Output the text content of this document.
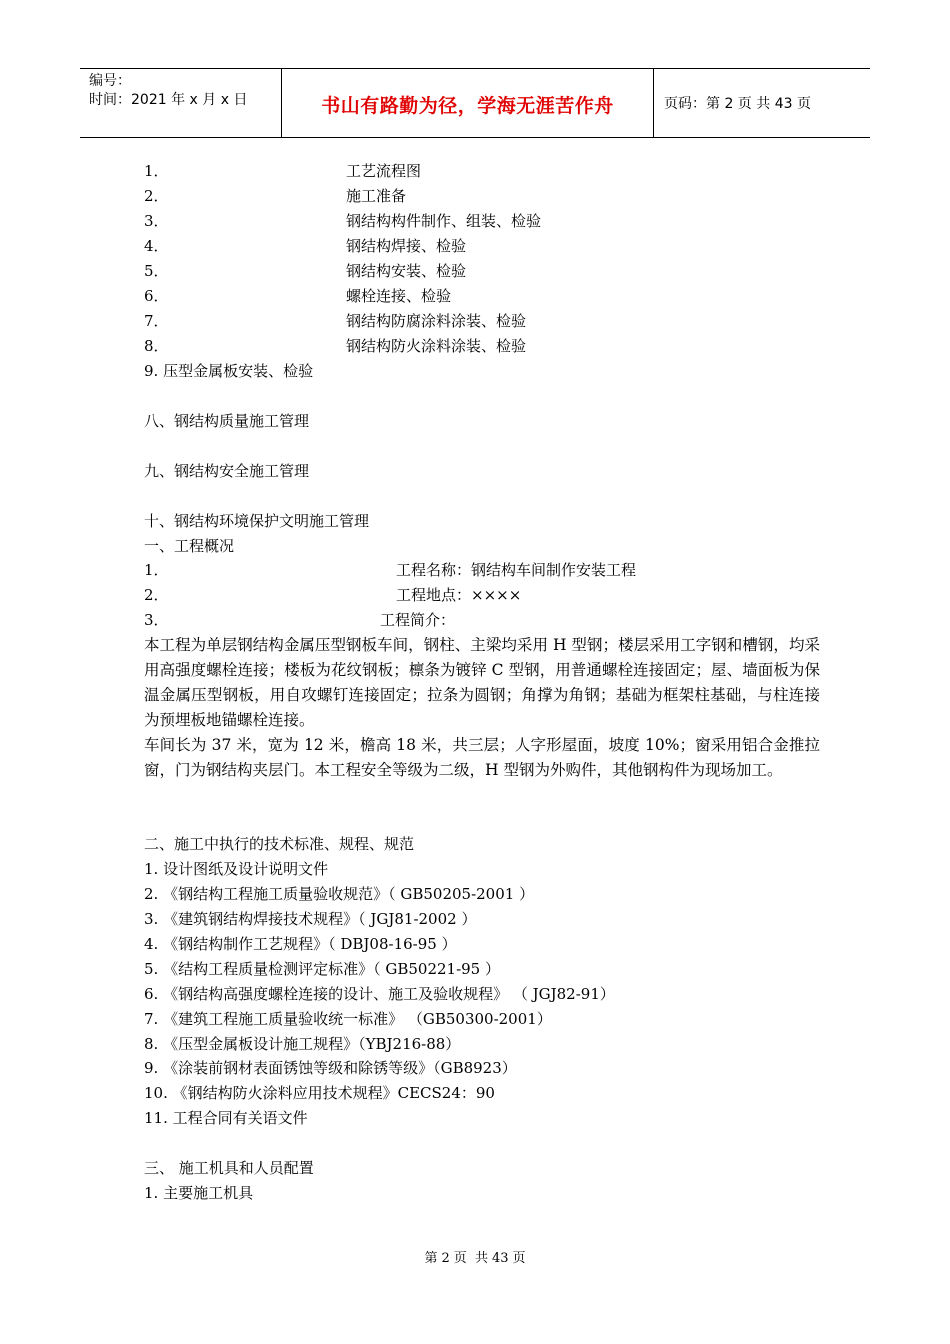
编号：
时间：2021 年 x 月 x 日	书山有路勤为径，学海无涯苦作舟	页码：第 2 页 共 43 页
1．	工艺流程图
2．	施工准备
3．	钢结构构件制作、组装、检验
4．	钢结构焊接、检验
5．	钢结构安装、检验
6．	螺栓连接、检验
7．	钢结构防腐涂料涂装、检验
8．	钢结构防火涂料涂装、检验
9. 压型金属板安装、检验
八、钢结构质量施工管理
九、钢结构安全施工管理
十、钢结构环境保护文明施工管理
一、工程概况
1．	工程名称：钢结构车间制作安装工程
2．	工程地点：××××
3．	工程简介：
本工程为单层钢结构金属压型钢板车间，钢柱、主梁均采用 H 型钢；楼层采用工字钢和槽钢，均采用高强度螺栓连接；楼板为花纹钢板；檩条为镀锌 C 型钢，用普通螺栓连接固定；屋、墙面板为保温金属压型钢板，用自攻螺钉连接固定；拉条为圆钢；角撑为角钢；基础为框架柱基础，与柱连接为预埋板地锚螺栓连接。
车间长为 37 米，宽为 12 米，檐高 18 米，共三层；人字形屋面，坡度 10%；窗采用铝合金推拉窗，门为钢结构夹层门。本工程安全等级为二级，H 型钢为外购件，其他钢构件为现场加工。
二、施工中执行的技术标准、规程、规范
1. 设计图纸及设计说明文件
2. 《钢结构工程施工质量验收规范》（ GB50205-2001 ）
3. 《建筑钢结构焊接技术规程》（ JGJ81-2002 ）
4. 《钢结构制作工艺规程》（ DBJ08-16-95 ）
5. 《结构工程质量检测评定标准》（ GB50221-95 ）
6. 《钢结构高强度螺栓连接的设计、施工及验收规程》 （ JGJ82-91）
7. 《建筑工程施工质量验收统一标准》 （GB50300-2001）
8. 《压型金属板设计施工规程》（YBJ216-88）
9. 《涂装前钢材表面锈蚀等级和除锈等级》（GB8923）
10. 《钢结构防火涂料应用技术规程》CECS24：90
11. 工程合同有关语文件
三、 施工机具和人员配置
1. 主要施工机具
第 2 页 共 43 页
